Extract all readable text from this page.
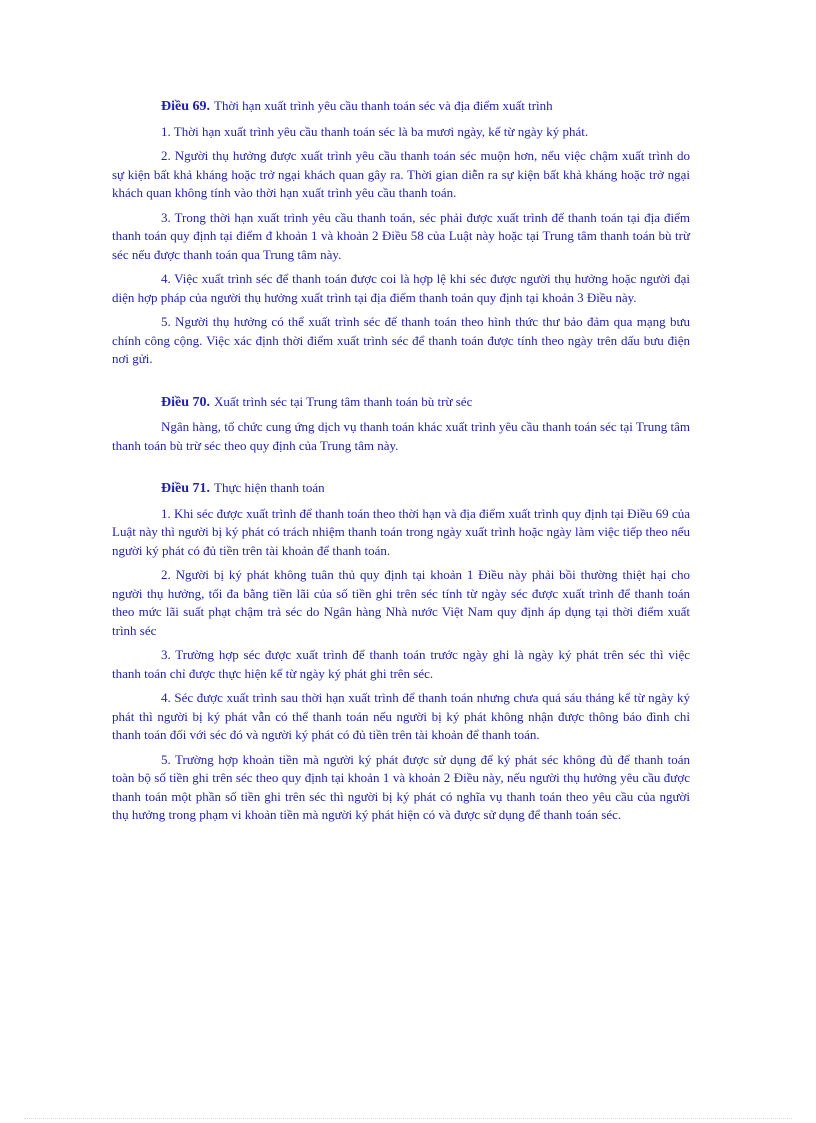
Điều 69. Thời hạn xuất trình yêu cầu thanh toán séc và địa điểm xuất trình

1. Thời hạn xuất trình yêu cầu thanh toán séc là ba mươi ngày, kể từ ngày ký phát.

2. Người thụ hưởng được xuất trình yêu cầu thanh toán séc muộn hơn, nếu việc chậm xuất trình do sự kiện bất khả kháng hoặc trở ngại khách quan gây ra. Thời gian diễn ra sự kiện bất khả kháng hoặc trở ngại khách quan không tính vào thời hạn xuất trình yêu cầu thanh toán.

3. Trong thời hạn xuất trình yêu cầu thanh toán, séc phải được xuất trình để thanh toán tại địa điểm thanh toán quy định tại điểm đ khoản 1 và khoản 2 Điều 58 của Luật này hoặc tại Trung tâm thanh toán bù trừ séc nếu được thanh toán qua Trung tâm này.

4. Việc xuất trình séc để thanh toán được coi là hợp lệ khi séc được người thụ hưởng hoặc người đại diện hợp pháp của người thụ hưởng xuất trình tại địa điểm thanh toán quy định tại khoản 3 Điều này.

5. Người thụ hưởng có thể xuất trình séc để thanh toán theo hình thức thư bảo đảm qua mạng bưu chính công cộng. Việc xác định thời điểm xuất trình séc để thanh toán được tính theo ngày trên dấu bưu điện nơi gửi.

Điều 70. Xuất trình séc tại Trung tâm thanh toán bù trừ séc

Ngân hàng, tổ chức cung ứng dịch vụ thanh toán khác xuất trình yêu cầu thanh toán séc tại Trung tâm thanh toán bù trừ séc theo quy định của Trung tâm này.

Điều 71. Thực hiện thanh toán

1. Khi séc được xuất trình để thanh toán theo thời hạn và địa điểm xuất trình quy định tại Điều 69 của Luật này thì người bị ký phát có trách nhiệm thanh toán trong ngày xuất trình hoặc ngày làm việc tiếp theo nếu người ký phát có đủ tiền trên tài khoản để thanh toán.

2. Người bị ký phát không tuân thủ quy định tại khoản 1 Điều này phải bồi thường thiệt hại cho người thụ hưởng, tối đa bằng tiền lãi của số tiền ghi trên séc tính từ ngày séc được xuất trình để thanh toán theo mức lãi suất phạt chậm trả séc do Ngân hàng Nhà nước Việt Nam quy định áp dụng tại thời điểm xuất trình séc

3. Trường hợp séc được xuất trình để thanh toán trước ngày ghi là ngày ký phát trên séc thì việc thanh toán chỉ được thực hiện kể từ ngày ký phát ghi trên séc.

4. Séc được xuất trình sau thời hạn xuất trình để thanh toán nhưng chưa quá sáu tháng kể từ ngày ký phát thì người bị ký phát vẫn có thể thanh toán nếu người bị ký phát không nhận được thông báo đình chỉ thanh toán đối với séc đó và người ký phát có đủ tiền trên tài khoản để thanh toán.

5. Trường hợp khoản tiền mà người ký phát được sử dụng để ký phát séc không đủ để thanh toán toàn bộ số tiền ghi trên séc theo quy định tại khoản 1 và khoản 2 Điều này, nếu người thụ hưởng yêu cầu được thanh toán một phần số tiền ghi trên séc thì người bị ký phát có nghĩa vụ thanh toán theo yêu cầu của người thụ hưởng trong phạm vi khoản tiền mà người ký phát hiện có và được sử dụng để thanh toán séc.
